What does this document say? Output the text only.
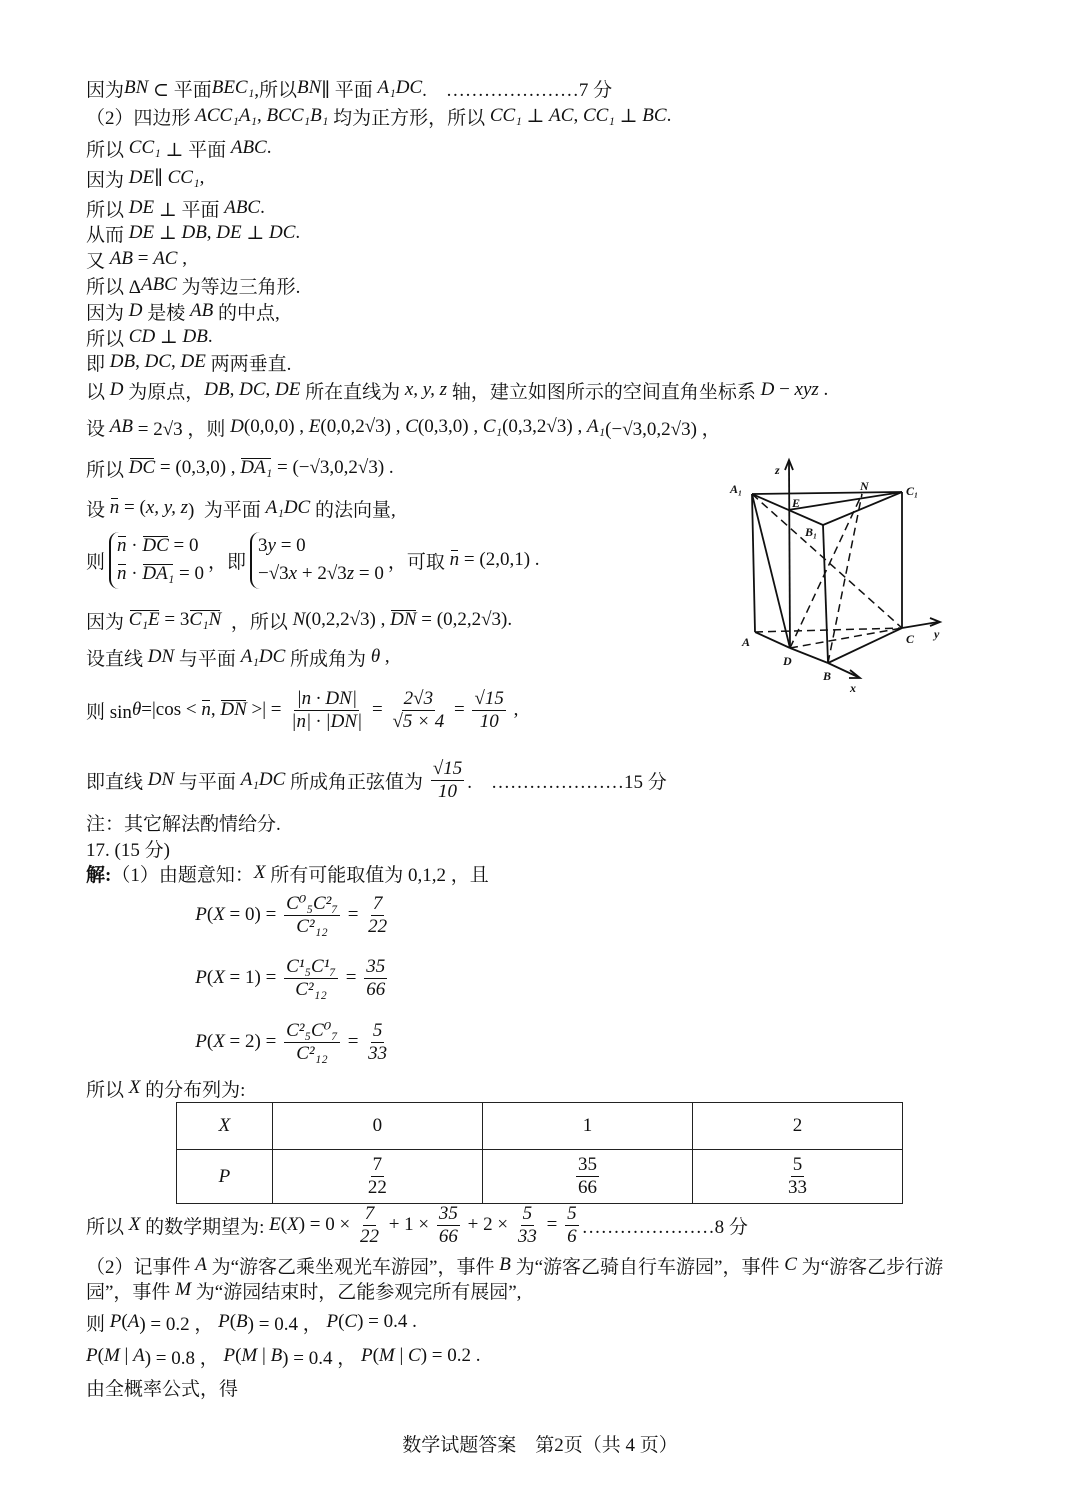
因为 BN ⊂ 平面 BEC₁ ,所以 BN ∥ 平面 A₁DC .    …………………7 分
（2）四边形 ACC₁A₁ , BCC₁B₁ 均为正方形，所以 CC₁ ⊥ AC , CC₁ ⊥ BC .
所以 CC₁ ⊥ 平面 ABC .
因为 DE ∥ CC₁ ,
所以 DE ⊥ 平面 ABC .
从而 DE ⊥ DB , DE ⊥ DC .
又 AB = AC ,
所以 Δ ABC 为等边三角形.
因为 D 是棱 AB 的中点,
所以 CD ⊥ DB .
即 DB , DC , DE 两两垂直.
以 D 为原点， DB , DC , DE 所在直线为 x, y, z 轴，建立如图所示的空间直角坐标系 D − xyz .
设 AB = 2√3 ，则 D (0,0,0) , E (0,0,2√3) , C (0,3,0) , C₁ (0,3,2√3) , A₁ (−√3,0,2√3) ，
所以 DC = (0,3,0) , DA₁ = (−√3,0,2√3) .
设 n = ( x, y, z )  为平面 A₁DC 的法向量,
则
n · DC = 0
n · DA₁ = 0
，即
3y = 0
−√3x + 2√3z = 0
，可取 n = (2,0,1) .
因为 C₁E = 3 C₁N ，所以 N (0,2,2√3) , DN = (0,2,2√3).
设直线 DN 与平面 A₁DC 所成角为 θ ,
则 sin θ =|cos < n , DN >| = $\frac{|n \cdot DN|}{|n| \cdot |DN|} = \frac{2√3}{√5 \times 4} = \frac{√15}{10}$ ,
即直线 DN 与平面 A₁DC 所成角正弦值为 $\frac{√15}{10}$ .    …………………15 分
注：其它解法酌情给分.
17. (15 分)
解: （1）由题意知： X 所有可能取值为 0,1,2 ，且

P ( $X = 0) = \frac{\text{C⁰₅C²₇}}{\text{C²₁₂}} = \frac{7}{22}$

P ( $X = 1) = \frac{\text{C¹₅C¹₇}}{\text{C²₁₂}} = \frac{35}{66}$

P ( $X = 2) = \frac{\text{C²₅C⁰₇}}{\text{C²₁₂}} = \frac{5}{33}$
所以 X 的分布列为:
所以 X 的数学期望为: E ( X ) = $0 \times \frac{7}{22} + 1 \times \frac{35}{66} + 2 \times \frac{5}{33} = \frac{5}{6}$ …………………8 分
（2）记事件 A 为“游客乙乘坐观光车游园”，事件 B 为“游客乙骑自行车游园”，事件 C 为“游客乙步行游
园”，事件 M 为“游园结束时，乙能参观完所有展园”,
则 P ( A ) = 0.2 ， P ( B ) = 0.4 ， P ( C ) = 0.4 .
P ( M | A ) = 0.8 ， P ( M | B ) = 0.4 ， P ( M | C ) = 0.2 .
由全概率公式，得
X	0	1	2
P	$\frac{7}{22}$	$\frac{35}{66}$	$\frac{5}{33}$
A₁
E
N	C₁
B₁
A
D
B
C
z
y
x
数学试题答案　第2页（共 4 页）
